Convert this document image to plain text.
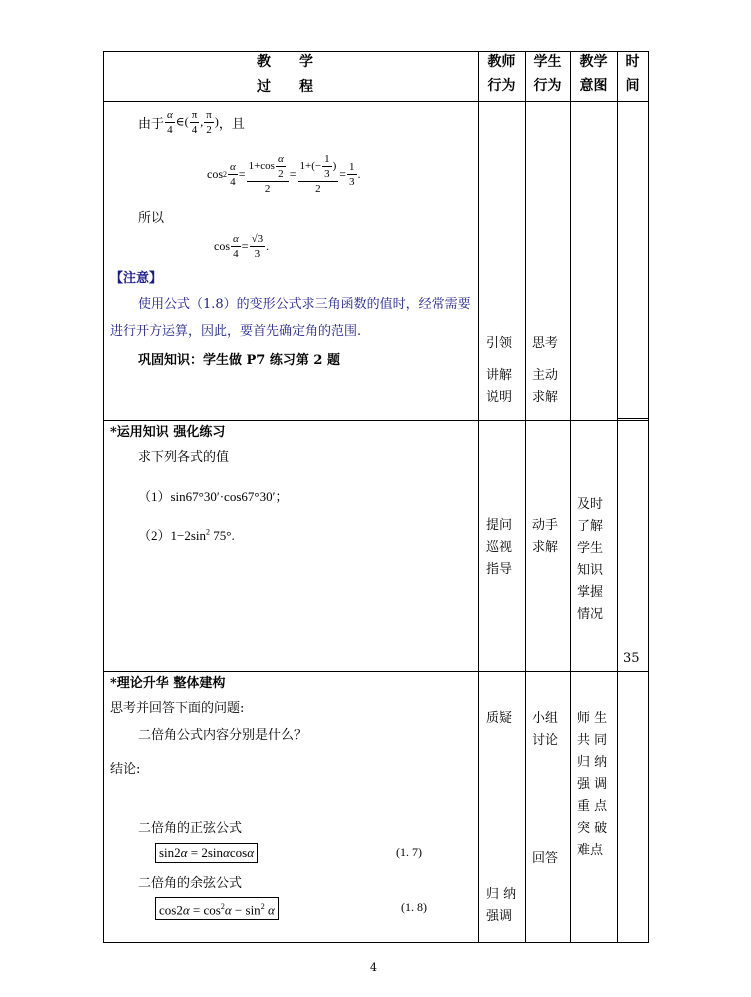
教　　学
过　　程
教师
行为
学生
行为
教学
意图
时
间
由于 $\frac{\alpha}{4}$ ∈( $\frac{\pi}{4}$ , $\frac{\pi}{2}$ ) ，且
$\cos 2 \frac{\alpha}{4} = \frac{1+\cos \frac{\alpha}{2}}{2} = \frac{1+(- \frac{1}{3} )}{2} = \frac{1}{3}$ .
所以
$\cos \frac{\alpha}{4} = \frac{√3}{3}$ .
【注意】
使用公式（1.8）的变形公式求三角函数的值时，经常需要
进行开方运算，因此，要首先确定角的范围.
巩固知识：学生做 P7 练习第 2 题
引领
讲解
说明
思考
主动
求解
*运用知识 强化练习
求下列各式的值
（1）sin67°30′·cos67°30′；
$(2)1-2\sin^2$ 75°.
提问
巡视
指导
动手
求解
及时
了解
学生
知识
掌握
情况
35
*理论升华 整体建构
思考并回答下面的问题:
二倍角公式内容分别是什么？
结论:
二倍角的正弦公式
sin2α = 2sinαcosα	(1. 7)
二倍角的余弦公式
$\cos 2\alpha = \cos^2\alpha - \sin^2 \alpha$	(1. 8)
质疑
归 纳
强调
小组
讨论
回答
师 生
共 同
归 纳
强 调
重 点
突 破
难点
4
